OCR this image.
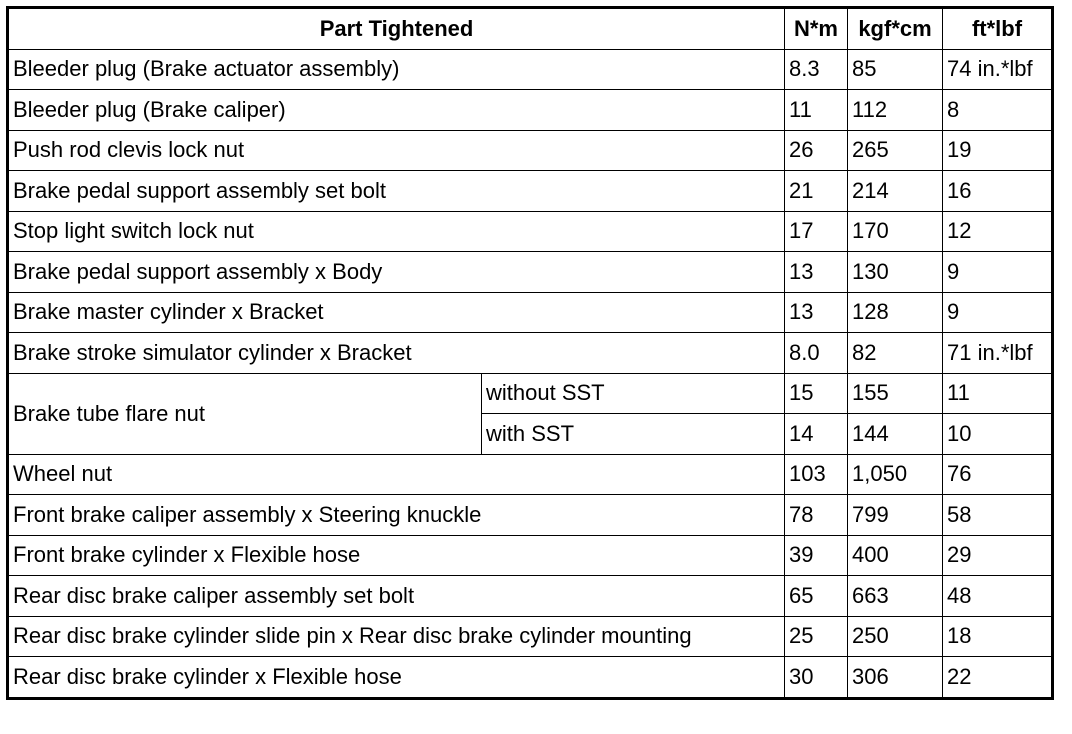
Part Tightened		N*m	kgf*cm	ft*lbf
Bleeder plug (Brake actuator assembly)		8.3	85	74 in.*lbf
Bleeder plug (Brake caliper)		11	112	8
Push rod clevis lock nut		26	265	19
Brake pedal support assembly set bolt		21	214	16
Stop light switch lock nut		17	170	12
Brake pedal support assembly x Body		13	130	9
Brake master cylinder x Bracket		13	128	9
Brake stroke simulator cylinder x Bracket		8.0	82	71 in.*lbf
Brake tube flare nut	without SST	15	155	11
	with SST	14	144	10
Wheel nut		103	1,050	76
Front brake caliper assembly x Steering knuckle		78	799	58
Front brake cylinder x Flexible hose		39	400	29
Rear disc brake caliper assembly set bolt		65	663	48
Rear disc brake cylinder slide pin x Rear disc brake cylinder mounting		25	250	18
Rear disc brake cylinder x Flexible hose		30	306	22
